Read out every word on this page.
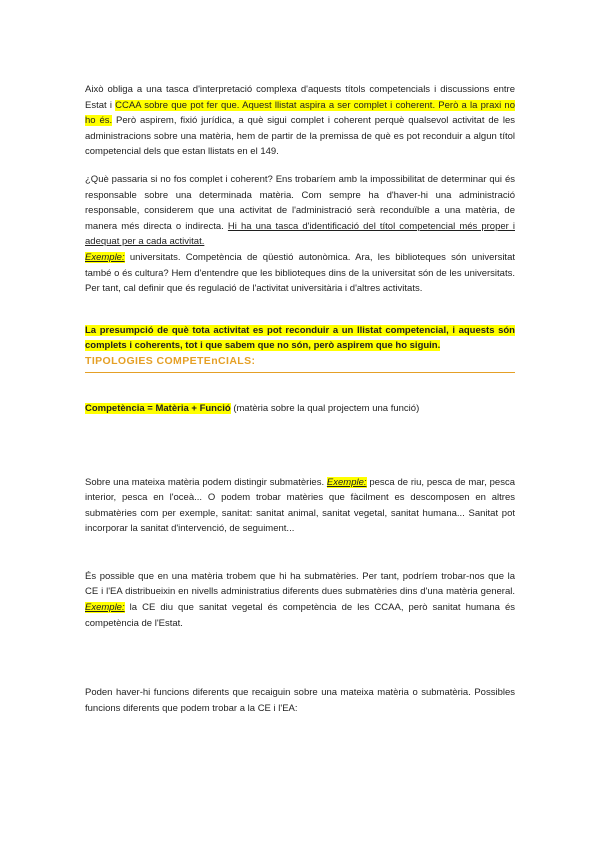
Això obliga a una tasca d'interpretació complexa d'aquests títols competencials i discussions entre Estat i CCAA sobre que pot fer que. Aquest llistat aspira a ser complet i coherent. Però a la praxi no ho és. Però aspirem, fixió jurídica, a què sigui complet i coherent perquè qualsevol activitat de les administracions sobre una matèria, hem de partir de la premissa de què es pot reconduir a algun títol competencial dels que estan llistats en el 149.

¿Què passaria si no fos complet i coherent? Ens trobaríem amb la impossibilitat de determinar qui és responsable sobre una determinada matèria. Com sempre ha d'haver-hi una administració responsable, considerem que una activitat de l'administració serà reconduïble a una matèria, de manera més directa o indirecta. Hi ha una tasca d'identificació del títol competencial més proper i adequat per a cada activitat.

Exemple: universitats. Competència de qüestió autonòmica. Ara, les biblioteques són universitat també o és cultura? Hem d'entendre que les biblioteques dins de la universitat són de les universitats. Per tant, cal definir que és regulació de l'activitat universitària i d'altres activitats.

La presumpció de què tota activitat es pot reconduir a un llistat competencial, i aquests són complets i coherents, tot i que sabem que no són, però aspirem que ho siguin.

TIPOLOGIES COMPETEnCIALS:

Competència = Matèria + Funció (matèria sobre la qual projectem una funció)

Sobre una mateixa matèria podem distingir submatèries. Exemple: pesca de riu, pesca de mar, pesca interior, pesca en l'oceà... O podem trobar matèries que fàcilment es descomposen en altres submatèries com per exemple, sanitat: sanitat animal, sanitat vegetal, sanitat humana... Sanitat pot incorporar la sanitat d'intervenció, de seguiment...

És possible que en una matèria trobem que hi ha submatèries. Per tant, podríem trobar-nos que la CE i l'EA distribueixin en nivells administratius diferents dues submatèries dins d'una matèria general. Exemple: la CE diu que sanitat vegetal és competència de les CCAA, però sanitat humana és competència de l'Estat.

Poden haver-hi funcions diferents que recaiguin sobre una mateixa matèria o submatèria. Possibles funcions diferents que podem trobar a la CE i l'EA:
